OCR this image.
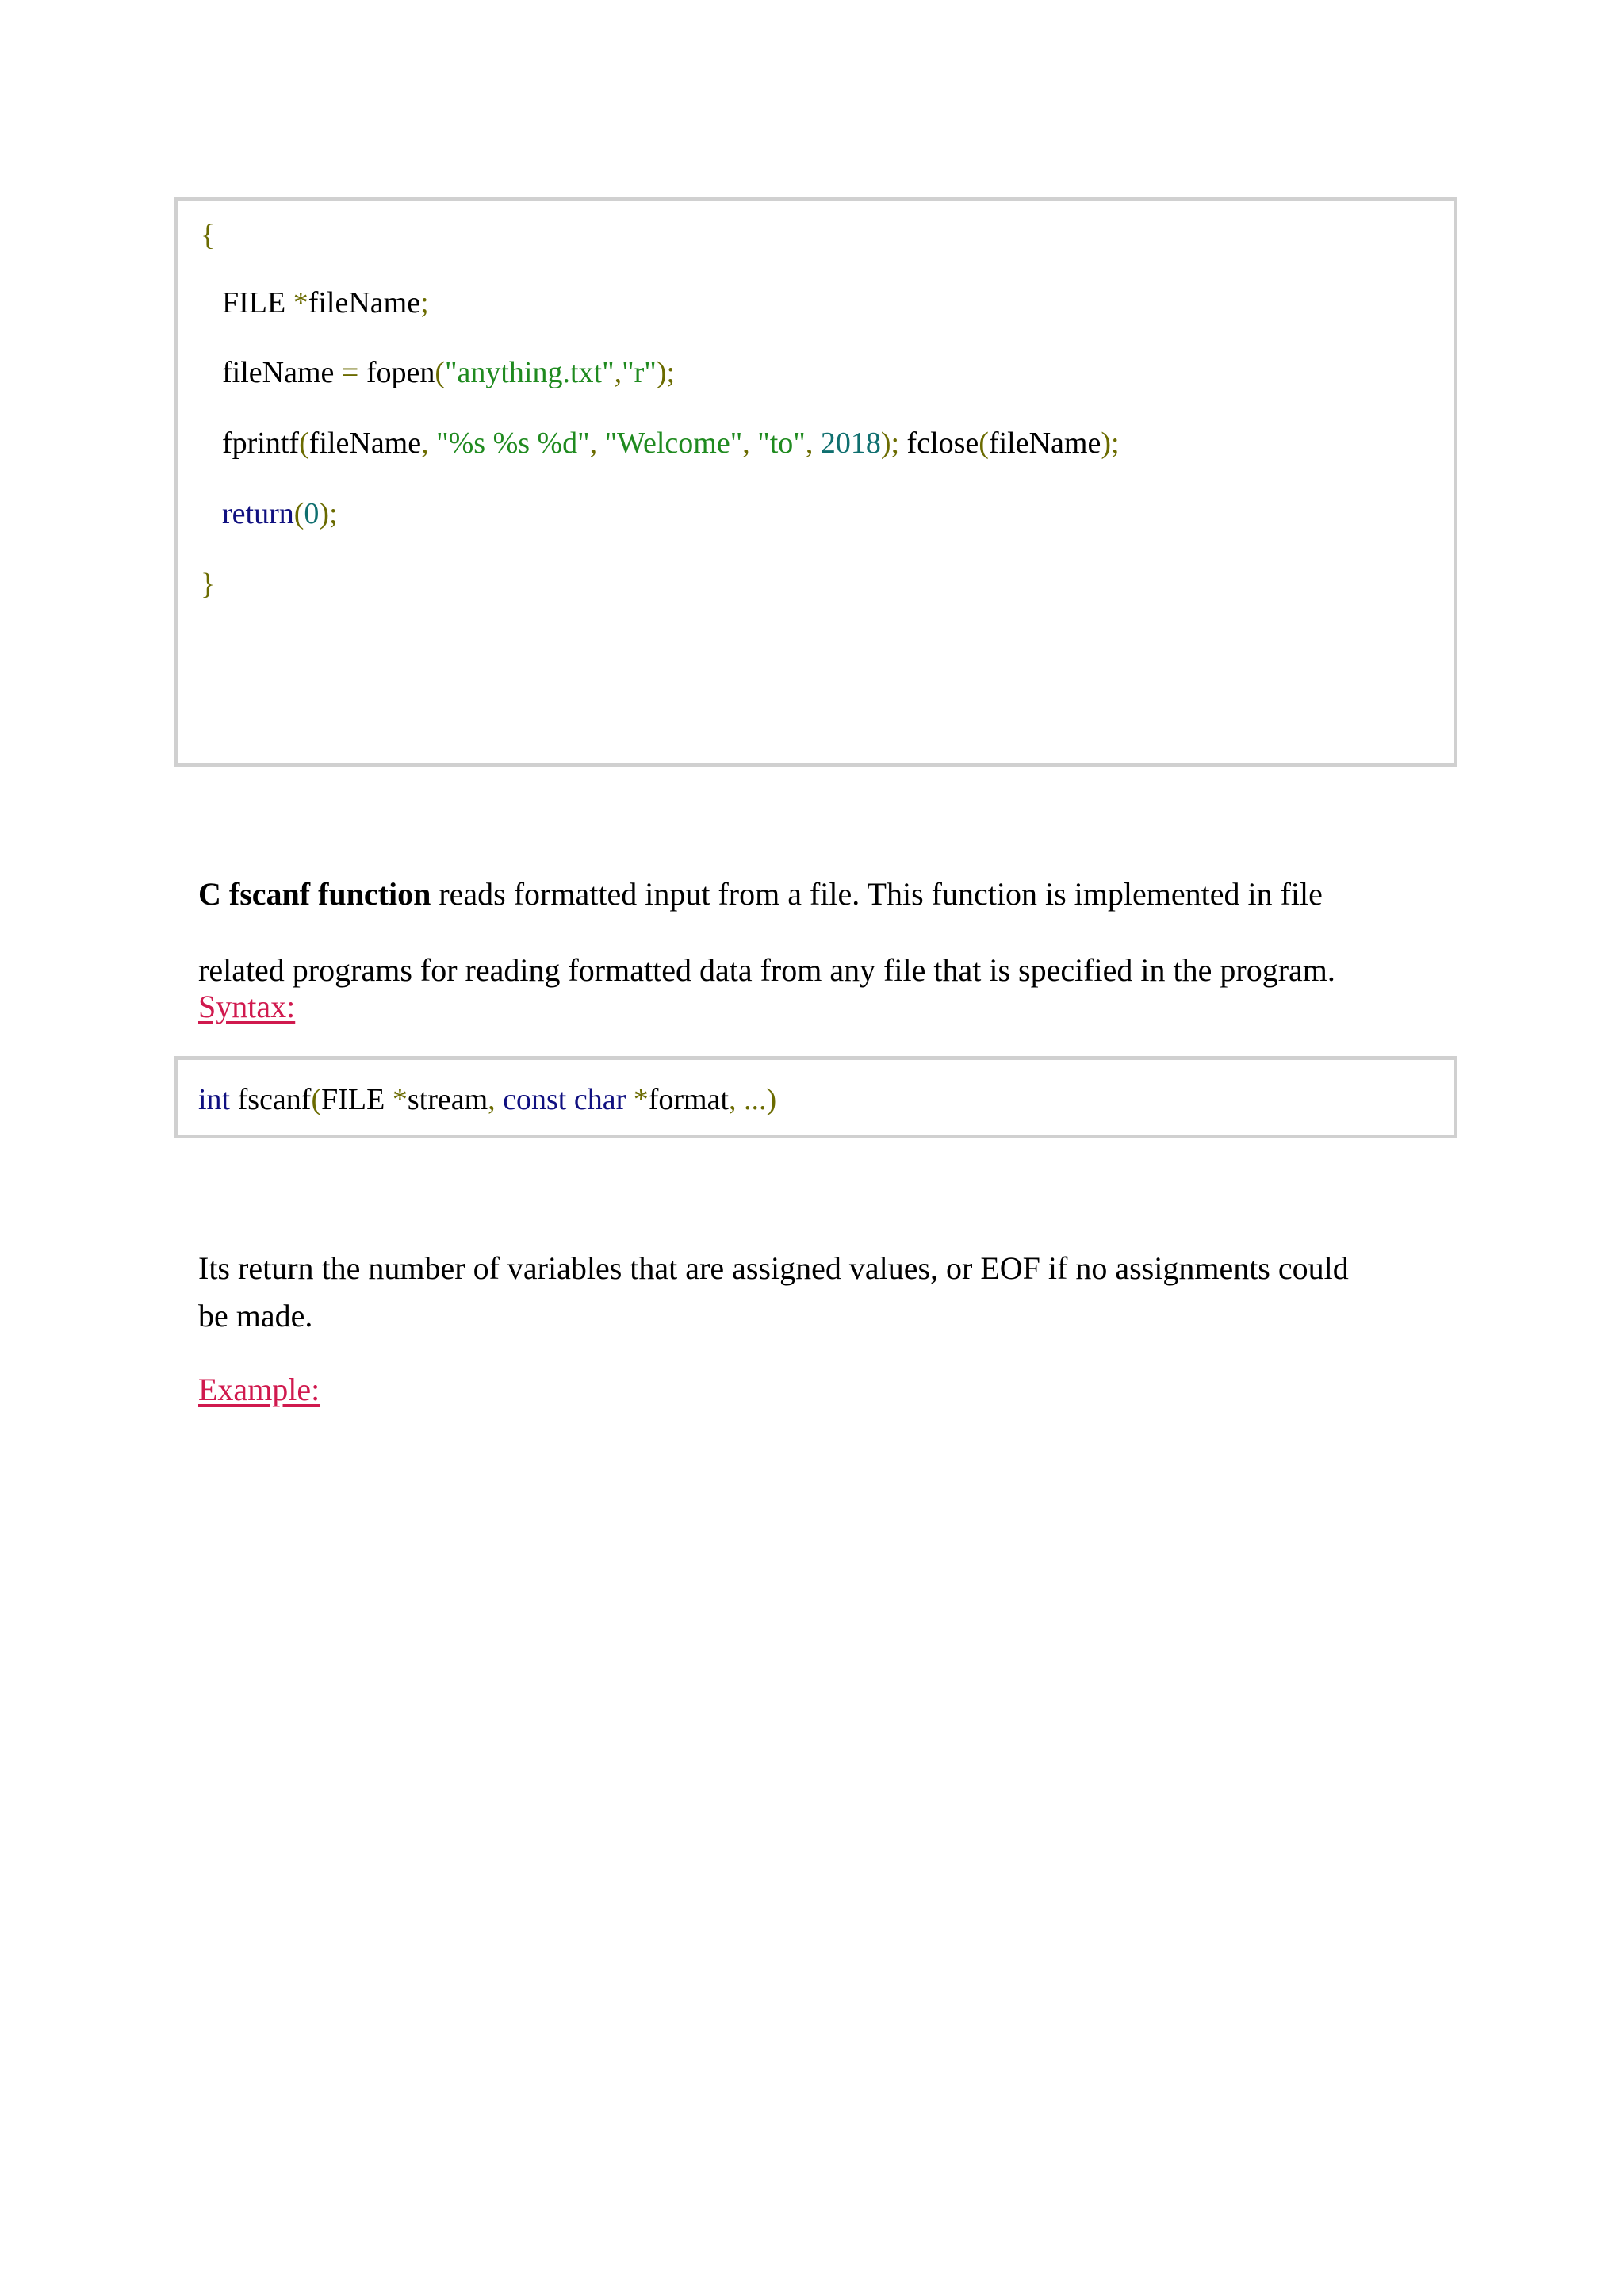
{
FILE *fileName;
fileName = fopen("anything.txt","r");
fprintf(fileName, "%s %s %d", "Welcome", "to", 2018); fclose(fileName);
return(0);
}
C fscanf function reads formatted input from a file. This function is implemented in file
related programs for reading formatted data from any file that is specified in the program.
Syntax:
int fscanf(FILE *stream, const char *format, ...)
Its return the number of variables that are assigned values, or EOF if no assignments could
be made.
Example:
